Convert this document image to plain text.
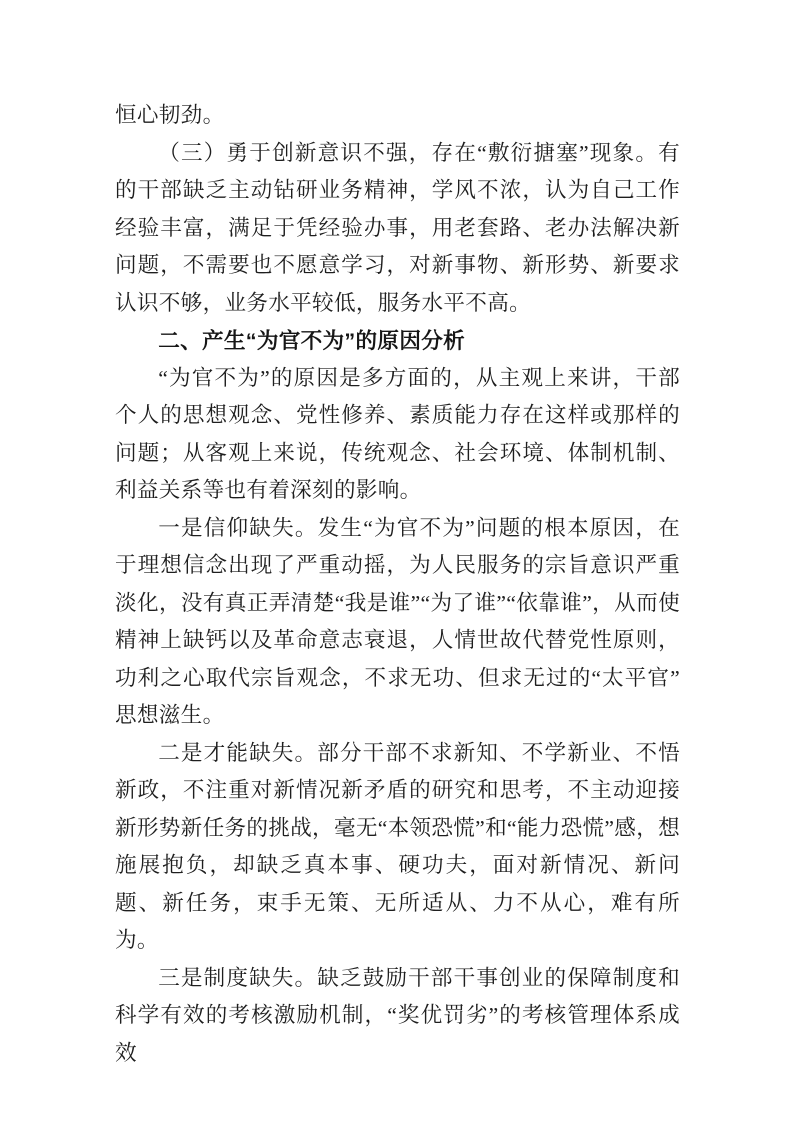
恒心韧劲。

（三）勇于创新意识不强，存在“敷衍搪塞”现象。有的干部缺乏主动钻研业务精神，学风不浓，认为自己工作经验丰富，满足于凭经验办事，用老套路、老办法解决新问题，不需要也不愿意学习，对新事物、新形势、新要求认识不够，业务水平较低，服务水平不高。

二、产生“为官不为”的原因分析

“为官不为”的原因是多方面的，从主观上来讲，干部个人的思想观念、党性修养、素质能力存在这样或那样的问题；从客观上来说，传统观念、社会环境、体制机制、利益关系等也有着深刻的影响。

一是信仰缺失。发生“为官不为”问题的根本原因，在于理想信念出现了严重动摇，为人民服务的宗旨意识严重淡化，没有真正弄清楚“我是谁”“为了谁”“依靠谁”，从而使精神上缺钙以及革命意志衰退，人情世故代替党性原则，功利之心取代宗旨观念，不求无功、但求无过的“太平官”思想滋生。

二是才能缺失。部分干部不求新知、不学新业、不悟新政，不注重对新情况新矛盾的研究和思考，不主动迎接新形势新任务的挑战，毫无“本领恐慌”和“能力恐慌”感，想施展抱负，却缺乏真本事、硬功夫，面对新情况、新问题、新任务，束手无策、无所适从、力不从心，难有所为。

三是制度缺失。缺乏鼓励干部干事创业的保障制度和科学有效的考核激励机制，“奖优罚劣”的考核管理体系成效
